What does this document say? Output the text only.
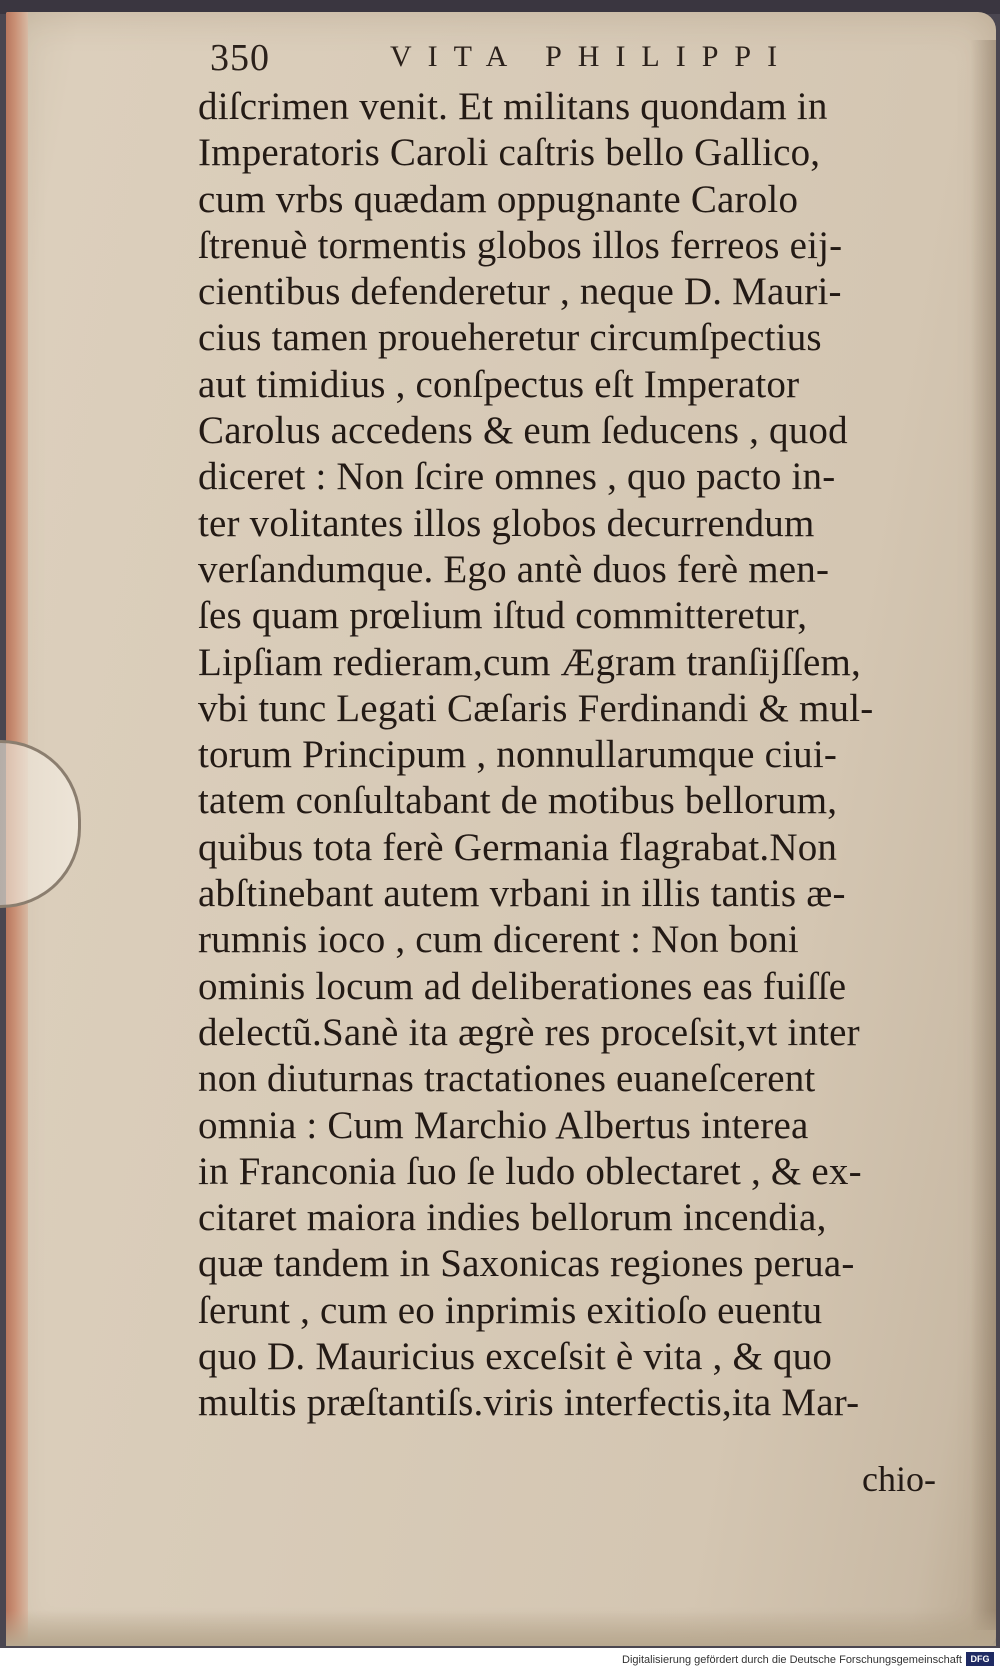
350	VITA PHILIPPI
diſcrimen venit. Et militans quondam in
Imperatoris Caroli caſtris bello Gallico,
cum vrbs quædam oppugnante Carolo
ſtrenuè tormentis globos illos ferreos eij-
cientibus defenderetur , neque D. Mauri-
cius tamen proueheretur circumſpectius
aut timidius , conſpectus eſt Imperator
Carolus accedens & eum ſeducens , quod
diceret : Non ſcire omnes , quo pacto in-
ter volitantes illos globos decurrendum
verſandumque. Ego antè duos ferè men-
ſes quam prœlium iſtud committeretur,
Lipſiam redieram,cum Ægram tranſijſſem,
vbi tunc Legati Cæſaris Ferdinandi & mul-
torum Principum , nonnullarumque ciui-
tatem conſultabant de motibus bellorum,
quibus tota ferè Germania flagrabat.Non
abſtinebant autem vrbani in illis tantis æ-
rumnis ioco , cum dicerent : Non boni
ominis locum ad deliberationes eas fuiſſe
delectũ.Sanè ita ægrè res proceſsit,vt inter
non diuturnas tractationes euaneſcerent
omnia : Cum Marchio Albertus interea
in Franconia ſuo ſe ludo oblectaret , & ex-
citaret maiora indies bellorum incendia,
quæ tandem in Saxonicas regiones perua-
ſerunt , cum eo inprimis exitioſo euentu
quo D. Mauricius exceſsit è vita , & quo
multis præſtantiſs.viris interfectis,ita Mar-
chio-
Digitalisierung gefördert durch die Deutsche Forschungsgemeinschaft DFG
